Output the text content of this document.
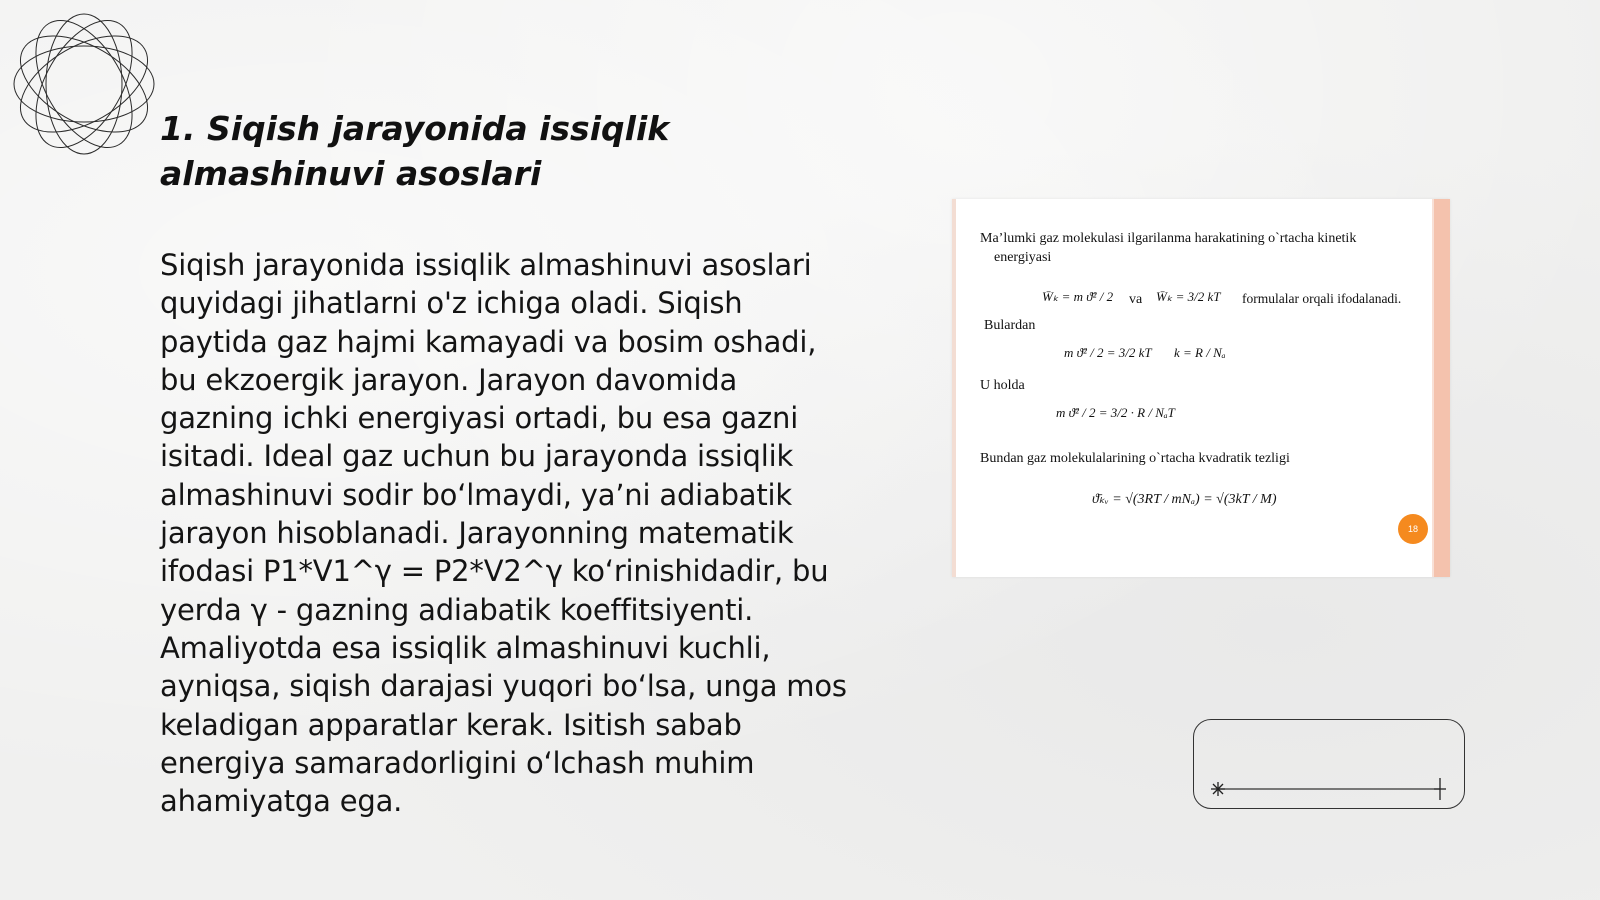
1. Siqish jarayonida issiqlik almashinuvi asoslari

Siqish jarayonida issiqlik almashinuvi asoslari quyidagi jihatlarni o'z ichiga oladi. Siqish paytida gaz hajmi kamayadi va bosim oshadi, bu ekzoergik jarayon. Jarayon davomida gazning ichki energiyasi ortadi, bu esa gazni isitadi. Ideal gaz uchun bu jarayonda issiqlik almashinuvi sodir bo‘lmaydi, ya’ni adiabatik jarayon hisoblanadi. Jarayonning matematik ifodasi P1*V1^γ = P2*V2^γ ko‘rinishidadir, bu yerda γ - gazning adiabatik koeffitsiyenti. Amaliyotda esa issiqlik almashinuvi kuchli, ayniqsa, siqish darajasi yuqori bo‘lsa, unga mos keladigan apparatlar kerak. Isitish sabab energiya samaradorligini o‘lchash muhim ahamiyatga ega.

Ma’lumki gaz molekulasi ilgarilanma harakatining o`rtacha kinetik
energiyasi
W̄ₖ = m ϑ̄² / 2 va W̄ₖ = 3/2 kT formulalar orqali ifodalanadi.
Bulardan
m ϑ̄² / 2 = 3/2 kT k = R / Nₐ
U holda
m ϑ̄² / 2 = 3/2 · R / NₐT
Bundan gaz molekulalarining o`rtacha kvadratik tezligi
ϑ̄ₖᵥ = √(3RT / mNₐ) = √(3kT / M)
18
